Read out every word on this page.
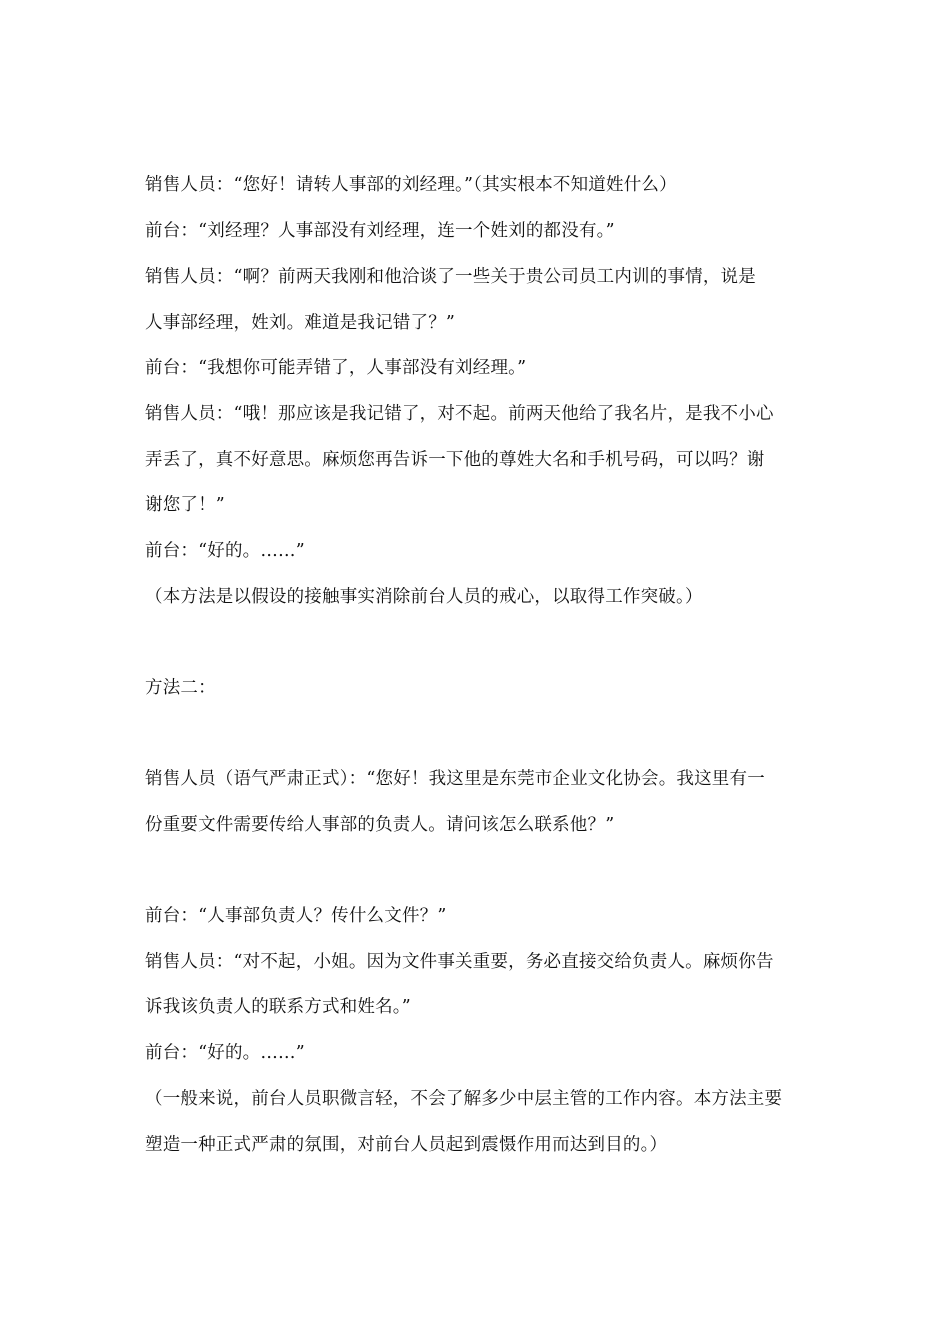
销售人员：“您好！请转人事部的刘经理。”（其实根本不知道姓什么）
前台：“刘经理？人事部没有刘经理，连一个姓刘的都没有。”
销售人员：“啊？前两天我刚和他洽谈了一些关于贵公司员工内训的事情，说是
人事部经理，姓刘。难道是我记错了？”
前台：“我想你可能弄错了，人事部没有刘经理。”
销售人员：“哦！那应该是我记错了，对不起。前两天他给了我名片，是我不小心
弄丢了，真不好意思。麻烦您再告诉一下他的尊姓大名和手机号码，可以吗？谢
谢您了！”
前台：“好的。……”
（本方法是以假设的接触事实消除前台人员的戒心，以取得工作突破。）
方法二：
销售人员（语气严肃正式）：“您好！我这里是东莞市企业文化协会。我这里有一
份重要文件需要传给人事部的负责人。请问该怎么联系他？”
前台：“人事部负责人？传什么文件？”
销售人员：“对不起，小姐。因为文件事关重要，务必直接交给负责人。麻烦你告
诉我该负责人的联系方式和姓名。”
前台：“好的。……”
（一般来说，前台人员职微言轻，不会了解多少中层主管的工作内容。本方法主要
塑造一种正式严肃的氛围，对前台人员起到震慑作用而达到目的。）
